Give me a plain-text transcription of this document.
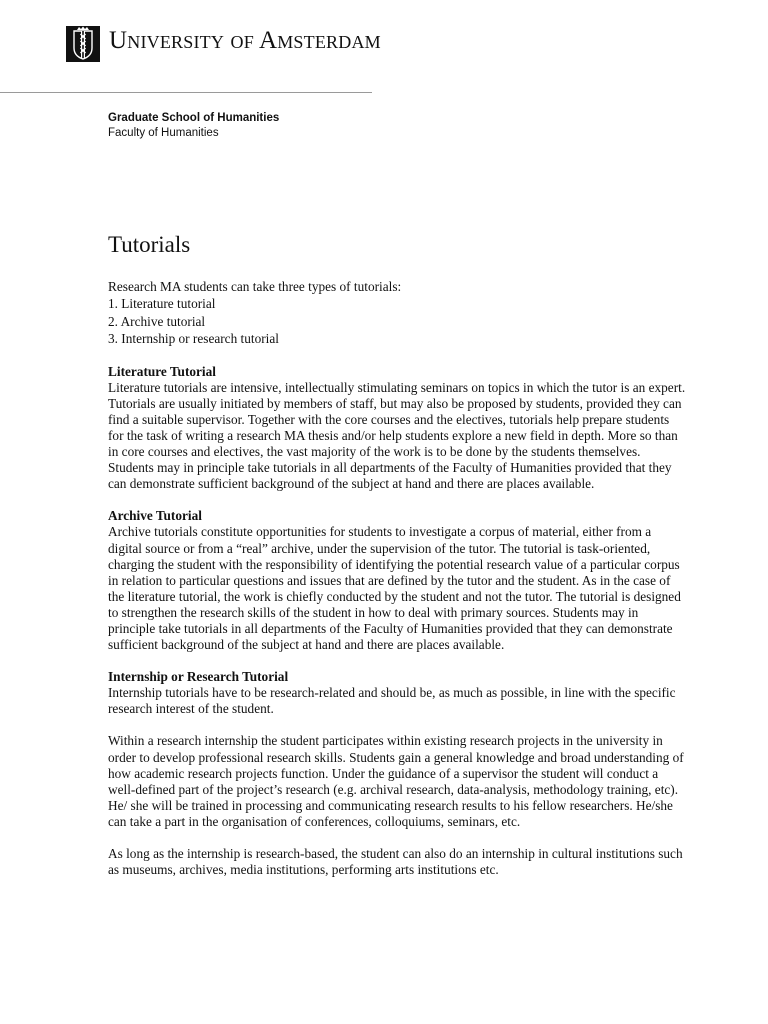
University of Amsterdam
Graduate School of Humanities
Faculty of Humanities
Tutorials

Research MA students can take three types of tutorials:

1. Literature tutorial
2. Archive tutorial
3. Internship or research tutorial
Literature Tutorial

Literature tutorials are intensive, intellectually stimulating seminars on topics in which the tutor is an expert. Tutorials are usually initiated by members of staff, but may also be proposed by students, provided they can find a suitable supervisor. Together with the core courses and the electives, tutorials help prepare students for the task of writing a research MA thesis and/or help students explore a new field in depth. More so than in core courses and electives, the vast majority of the work is to be done by the students themselves. Students may in principle take tutorials in all departments of the Faculty of Humanities provided that they can demonstrate sufficient background of the subject at hand and there are places available.

Archive Tutorial

Archive tutorials constitute opportunities for students to investigate a corpus of material, either from a digital source or from a “real” archive, under the supervision of the tutor. The tutorial is task-oriented, charging the student with the responsibility of identifying the potential research value of a particular corpus in relation to particular questions and issues that are defined by the tutor and the student. As in the case of the literature tutorial, the work is chiefly conducted by the student and not the tutor. The tutorial is designed to strengthen the research skills of the student in how to deal with primary sources. Students may in principle take tutorials in all departments of the Faculty of Humanities provided that they can demonstrate sufficient background of the subject at hand and there are places available.

Internship or Research Tutorial

Internship tutorials have to be research-related and should be, as much as possible, in line with the specific research interest of the student.

Within a research internship the student participates within existing research projects in the university in order to develop professional research skills. Students gain a general knowledge and broad understanding of how academic research projects function. Under the guidance of a supervisor the student will conduct a well-defined part of the project’s research (e.g. archival research, data-analysis, methodology training, etc). He/ she will be trained in processing and communicating research results to his fellow researchers. He/she can take a part in the organisation of conferences, colloquiums, seminars, etc.

As long as the internship is research-based, the student can also do an internship in cultural institutions such as museums, archives, media institutions, performing arts institutions etc.
